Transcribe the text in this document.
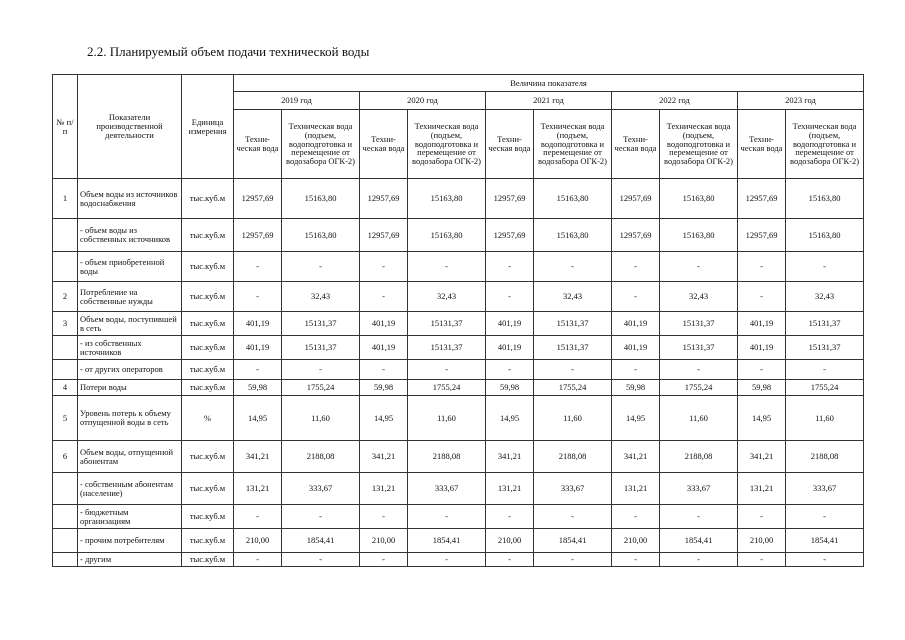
2.2. Планируемый объем подачи технической воды
№ п/п	Показатели производственной деятельности	Единица измерения	Величина показателя									
			2019 год		2020 год		2021 год		2022 год		2023 год	
			Техни-ческая вода	Техническая вода (подъем, водоподготовка и перемещение от водозабора ОГК-2)	Техни-ческая вода	Техническая вода (подъем, водоподготовка и перемещение от водозабора ОГК-2)	Техни-ческая вода	Техническая вода (подъем, водоподготовка и перемещение от водозабора ОГК-2)	Техни-ческая вода	Техническая вода (подъем, водоподготовка и перемещение от водозабора ОГК-2)	Техни-ческая вода	Техническая вода (подъем, водоподготовка и перемещение от водозабора ОГК-2)
1	Объем воды из источников водоснабжения	тыс.куб.м	12957,69	15163,80	12957,69	15163,80	12957,69	15163,80	12957,69	15163,80	12957,69	15163,80
	- объем воды из собственных источников	тыс.куб.м	12957,69	15163,80	12957,69	15163,80	12957,69	15163,80	12957,69	15163,80	12957,69	15163,80
	- объем приобретенной воды	тыс.куб.м	-	-	-	-	-	-	-	-	-	-
2	Потребление на собственные нужды	тыс.куб.м	-	32,43	-	32,43	-	32,43	-	32,43	-	32,43
3	Объем воды, поступившей в сеть	тыс.куб.м	401,19	15131,37	401,19	15131,37	401,19	15131,37	401,19	15131,37	401,19	15131,37
	- из собственных источников	тыс.куб.м	401,19	15131,37	401,19	15131,37	401,19	15131,37	401,19	15131,37	401,19	15131,37
	- от других операторов	тыс.куб.м	-	-	-	-	-	-	-	-	-	-
4	Потери воды	тыс.куб.м	59,98	1755,24	59,98	1755,24	59,98	1755,24	59,98	1755,24	59,98	1755,24
5	Уровень потерь к объему отпущенной воды в сеть	%	14,95	11,60	14,95	11,60	14,95	11,60	14,95	11,60	14,95	11,60
6	Объем воды, отпущенной абонентам	тыс.куб.м	341,21	2188,08	341,21	2188,08	341,21	2188,08	341,21	2188,08	341,21	2188,08
	- собственным абонентам (население)	тыс.куб.м	131,21	333,67	131,21	333,67	131,21	333,67	131,21	333,67	131,21	333,67
	- бюджетным организациям	тыс.куб.м	-	-	-	-	-	-	-	-	-	-
	- прочим потребителям	тыс.куб.м	210,00	1854,41	210,00	1854,41	210,00	1854,41	210,00	1854,41	210,00	1854,41
	- другим	тыс.куб.м	-	-	-	-	-	-	-	-	-	-
